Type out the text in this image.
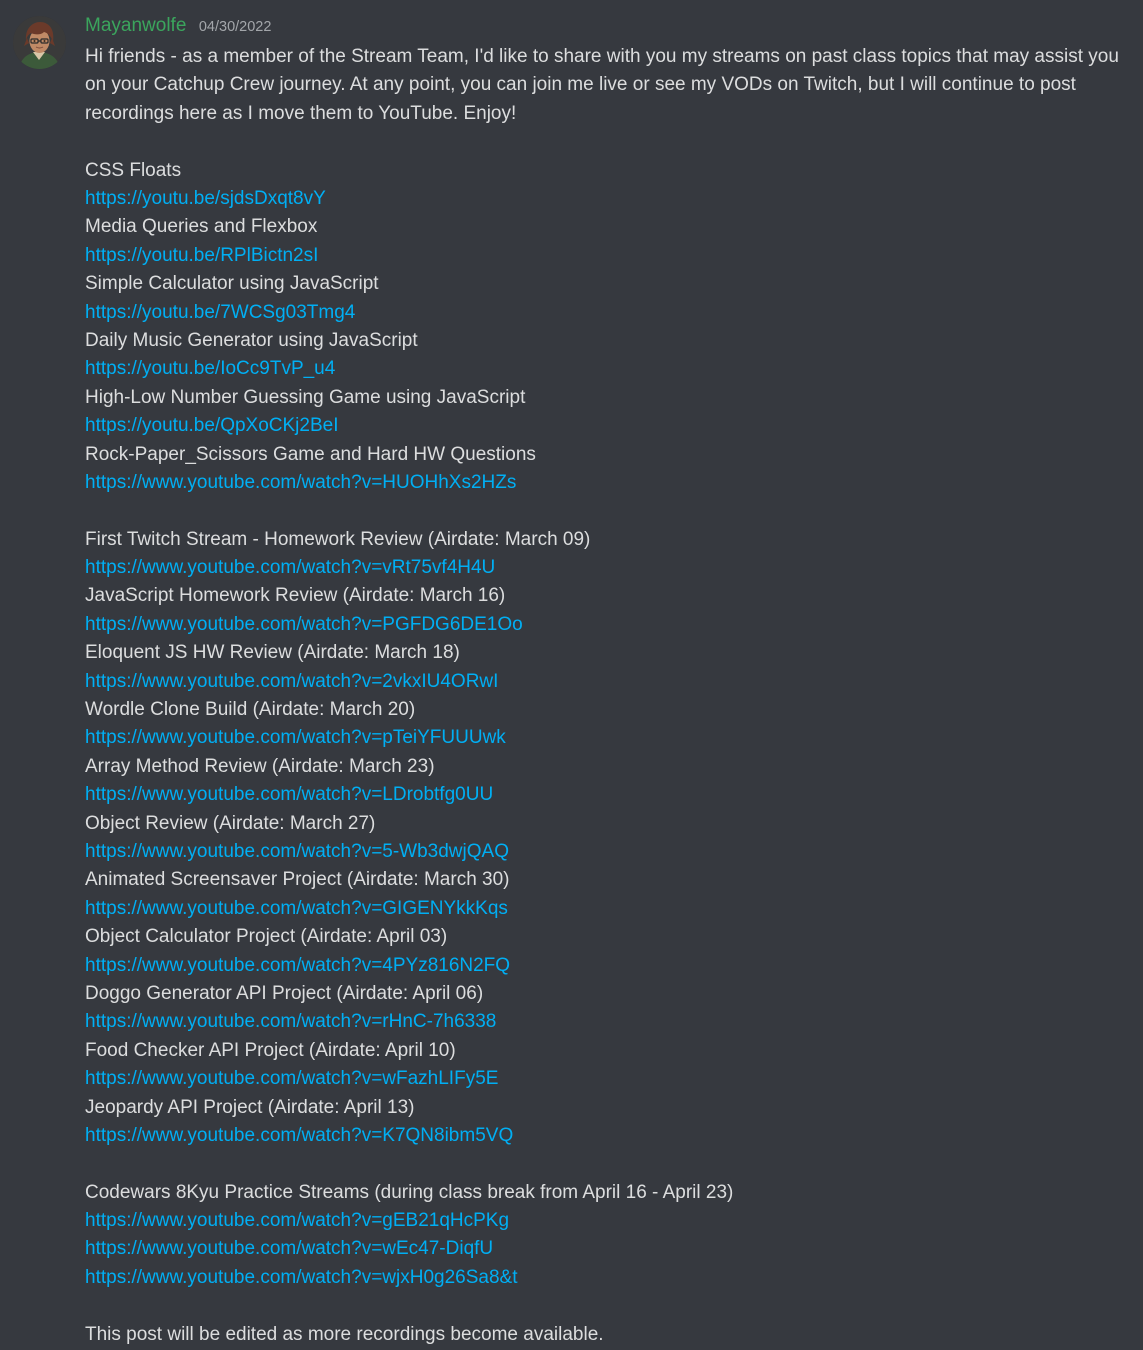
Mayanwolfe 04/30/2022
Hi friends - as a member of the Stream Team, I'd like to share with you my streams on past class topics that may assist you on your Catchup Crew journey. At any point, you can join me live or see my VODs on Twitch, but I will continue to post recordings here as I move them to YouTube. Enjoy!
CSS Floats
https://youtu.be/sjdsDxqt8vY
Media Queries and Flexbox
https://youtu.be/RPlBictn2sI
Simple Calculator using JavaScript
https://youtu.be/7WCSg03Tmg4
Daily Music Generator using JavaScript
https://youtu.be/IoCc9TvP_u4
High-Low Number Guessing Game using JavaScript
https://youtu.be/QpXoCKj2BeI
Rock-Paper_Scissors Game and Hard HW Questions
https://www.youtube.com/watch?v=HUOHhXs2HZs
First Twitch Stream - Homework Review (Airdate: March 09)
https://www.youtube.com/watch?v=vRt75vf4H4U
JavaScript Homework Review (Airdate: March 16)
https://www.youtube.com/watch?v=PGFDG6DE1Oo
Eloquent JS HW Review (Airdate: March 18)
https://www.youtube.com/watch?v=2vkxIU4ORwI
Wordle Clone Build (Airdate: March 20)
https://www.youtube.com/watch?v=pTeiYFUUUwk
Array Method Review (Airdate: March 23)
https://www.youtube.com/watch?v=LDrobtfg0UU
Object Review (Airdate: March 27)
https://www.youtube.com/watch?v=5-Wb3dwjQAQ
Animated Screensaver Project (Airdate: March 30)
https://www.youtube.com/watch?v=GIGENYkkKqs
Object Calculator Project (Airdate: April 03)
https://www.youtube.com/watch?v=4PYz816N2FQ
Doggo Generator API Project (Airdate: April 06)
https://www.youtube.com/watch?v=rHnC-7h6338
Food Checker API Project (Airdate: April 10)
https://www.youtube.com/watch?v=wFazhLIFy5E
Jeopardy API Project (Airdate: April 13)
https://www.youtube.com/watch?v=K7QN8ibm5VQ
Codewars 8Kyu Practice Streams (during class break from April 16 - April 23)
https://www.youtube.com/watch?v=gEB21qHcPKg
https://www.youtube.com/watch?v=wEc47-DiqfU
https://www.youtube.com/watch?v=wjxH0g26Sa8&t
This post will be edited as more recordings become available.
